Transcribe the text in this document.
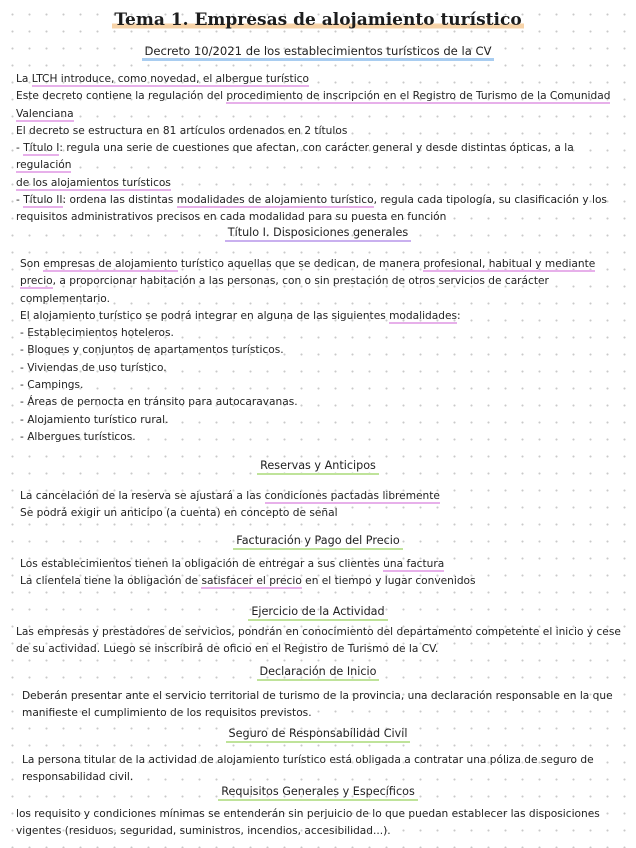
Tema 1. Empresas de alojamiento turístico
Decreto 10/2021 de los establecimientos turísticos de la CV

La LTCH introduce, como novedad, el albergue turístico

Este decreto contiene la regulación del procedimiento de inscripción en el Registro de Turismo de la Comunidad

Valenciana

El decreto se estructura en 81 artículos ordenados en 2 títulos

- Título I: regula una serie de cuestiones que afectan, con carácter general y desde distintas ópticas, a la regulación

de los alojamientos turísticos

- Título II: ordena las distintas modalidades de alojamiento turístico, regula cada tipología, su clasificación y los

requisitos administrativos precisos en cada modalidad para su puesta en función

Título I. Disposiciones generales

Son empresas de alojamiento turístico aquellas que se dedican, de manera profesional, habitual y mediante

precio, a proporcionar habitación a las personas, con o sin prestación de otros servicios de carácter

complementario.

El alojamiento turístico se podrá integrar en alguna de las siguientes modalidades:

- Establecimientos hoteleros.

- Bloques y conjuntos de apartamentos turísticos.

- Viviendas de uso turístico.

- Campings.

- Áreas de pernocta en tránsito para autocaravanas.

- Alojamiento turístico rural.

- Albergues turísticos.

Reservas y Anticipos

La cancelación de la reserva se ajustará a las condiciones pactadas libremente

Se podrá exigir un anticipo (a cuenta) en concepto de señal

Facturación y Pago del Precio

Los establecimientos tienen la obligación de entregar a sus clientes una factura

La clientela tiene la obligación de satisfacer el precio en el tiempo y lugar convenidos

Ejercicio de la Actividad

Las empresas y prestadores de servicios, pondrán en conocimiento del departamento competente el inicio y cese

de su actividad. Luego se inscribirá de oficio en el Registro de Turismo de la CV.

Declaración de Inicio

Deberán presentar ante el servicio territorial de turismo de la provincia, una declaración responsable en la que

manifieste el cumplimiento de los requisitos previstos.

Seguro de Responsabilidad Civil

La persona titular de la actividad de alojamiento turístico está obligada a contratar una póliza de seguro de

responsabilidad civil.

Requisitos Generales y Específicos

los requisito y condiciones mínimas se entenderán sin perjuicio de lo que puedan establecer las disposiciones

vigentes (residuos, seguridad, suministros, incendios, accesibilidad...).
